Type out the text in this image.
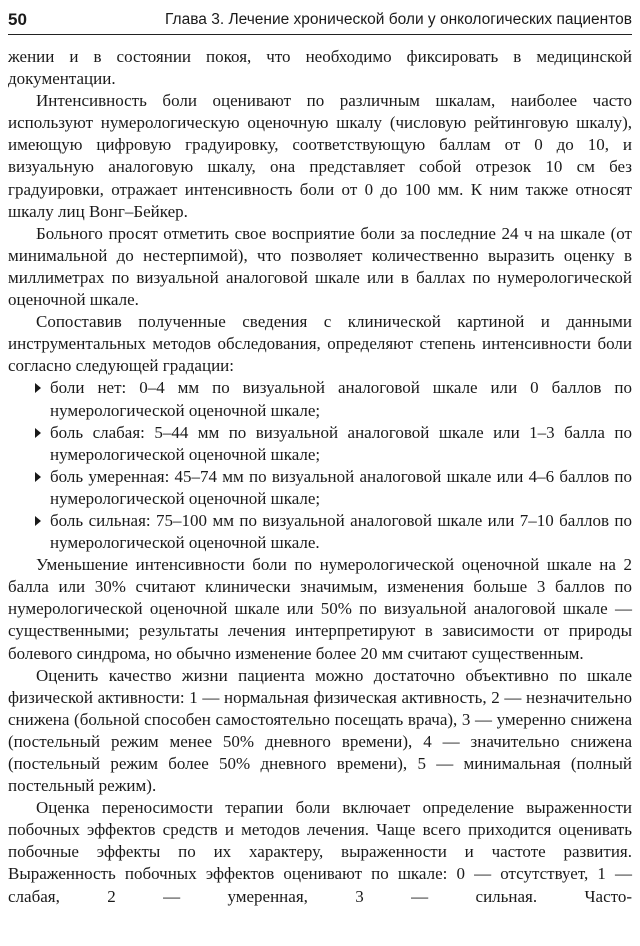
50	Глава 3. Лечение хронической боли у онкологических пациентов

жении и в состоянии покоя, что необходимо фиксировать в медицинской документации.

Интенсивность боли оценивают по различным шкалам, наиболее часто используют нумерологическую оценочную шкалу (числовую рейтинговую шкалу), имеющую цифровую градуировку, соответствующую баллам от 0 до 10, и визуальную аналоговую шкалу, она представляет собой отрезок 10 см без градуировки, отражает интенсивность боли от 0 до 100 мм. К ним также относят шкалу лиц Вонг–Бейкер.

Больного просят отметить свое восприятие боли за последние 24 ч на шкале (от минимальной до нестерпимой), что позволяет количественно выразить оценку в миллиметрах по визуальной аналоговой шкале или в баллах по нумерологической оценочной шкале.

Сопоставив полученные сведения с клинической картиной и данными инструментальных методов обследования, определяют степень интенсивности боли согласно следующей градации:

боли нет: 0–4 мм по визуальной аналоговой шкале или 0 баллов по нумерологической оценочной шкале;
боль слабая: 5–44 мм по визуальной аналоговой шкале или 1–3 балла по нумерологической оценочной шкале;
боль умеренная: 45–74 мм по визуальной аналоговой шкале или 4–6 баллов по нумерологической оценочной шкале;
боль сильная: 75–100 мм по визуальной аналоговой шкале или 7–10 баллов по нумерологической оценочной шкале.

Уменьшение интенсивности боли по нумерологической оценочной шкале на 2 балла или 30% считают клинически значимым, изменения больше 3 баллов по нумерологической оценочной шкале или 50% по визуальной аналоговой шкале — существенными; результаты лечения интерпретируют в зависимости от природы болевого синдрома, но обычно изменение более 20 мм считают существенным.

Оценить качество жизни пациента можно достаточно объективно по шкале физической активности: 1 — нормальная физическая активность, 2 — незначительно снижена (больной способен самостоятельно посещать врача), 3 — умеренно снижена (постельный режим менее 50% дневного времени), 4 — значительно снижена (постельный режим более 50% дневного времени), 5 — минимальная (полный постельный режим).

Оценка переносимости терапии боли включает определение выраженности побочных эффектов средств и методов лечения. Чаще всего приходится оценивать побочные эффекты по их характеру, выраженности и частоте развития. Выраженность побочных эффектов оценивают по шкале: 0 — отсутствует, 1 — слабая, 2 — умеренная, 3 — сильная. Часто-
